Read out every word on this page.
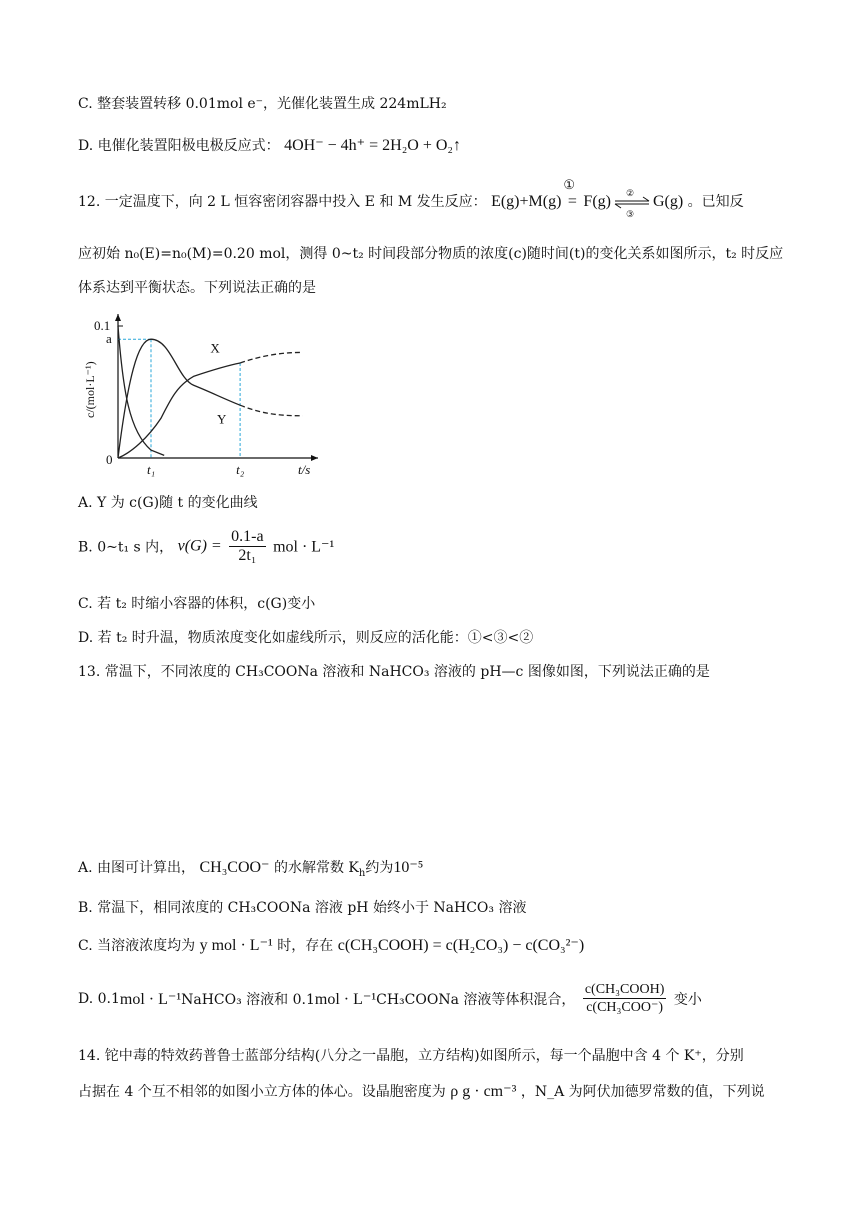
C. 整套装置转移 0.01mol e⁻，光催化装置生成 224mLH₂
D. 电催化装置阳极电极反应式： 4OH⁻ − 4h⁺ = 2H₂O + O₂↑
12. 一定温度下，向 2 L 恒容密闭容器中投入 E 和 M 发生反应： E(g)+M(g)
①
= F(g) ②
③
G(g) 。已知反
应初始 n₀(E)=n₀(M)=0.20 mol，测得 0~t₂ 时间段部分物质的浓度(c)随时间(t)的变化关系如图所示，t₂ 时反应
体系达到平衡状态。下列说法正确的是
0.1
a
0
t₁	t₂	t/s
c/(mol·L⁻¹)
X
Y
A. Y 为 c(G)随 t 的变化曲线
B. 0~t₁ s 内， $v(G) = \frac{0.1-a}{\text{2t₁}}$ mol · L⁻¹
C. 若 t₂ 时缩小容器的体积，c(G)变小
D. 若 t₂ 时升温，物质浓度变化如虚线所示，则反应的活化能：①<③<②
13. 常温下，不同浓度的 CH₃COONa 溶液和 NaHCO₃ 溶液的 pH—c 图像如图，下列说法正确的是
A. 由图可计算出， CH₃COO⁻ 的水解常数 $K_h$约为10⁻⁵
B. 常温下，相同浓度的 CH₃COONa 溶液 pH 始终小于 NaHCO₃ 溶液
C. 当溶液浓度均为 y mol · L⁻¹ 时，存在 c(CH₃COOH) = c(H₂CO₃) − c(CO₃²⁻)
D. 0.1mol · L⁻¹NaHCO₃ 溶液和 0.1mol · L⁻¹CH₃COONa 溶液等体积混合， $\frac{\text{c(CH₃COOH)}}{\text{c(CH₃COO⁻)}}$ 变小
14. 铊中毒的特效药普鲁士蓝部分结构(八分之一晶胞，立方结构)如图所示，每一个晶胞中含 4 个 K⁺，分别
占据在 4 个互不相邻的如图小立方体的体心。设晶胞密度为 ρ g · cm⁻³ ，N_A 为阿伏加德罗常数的值，下列说
